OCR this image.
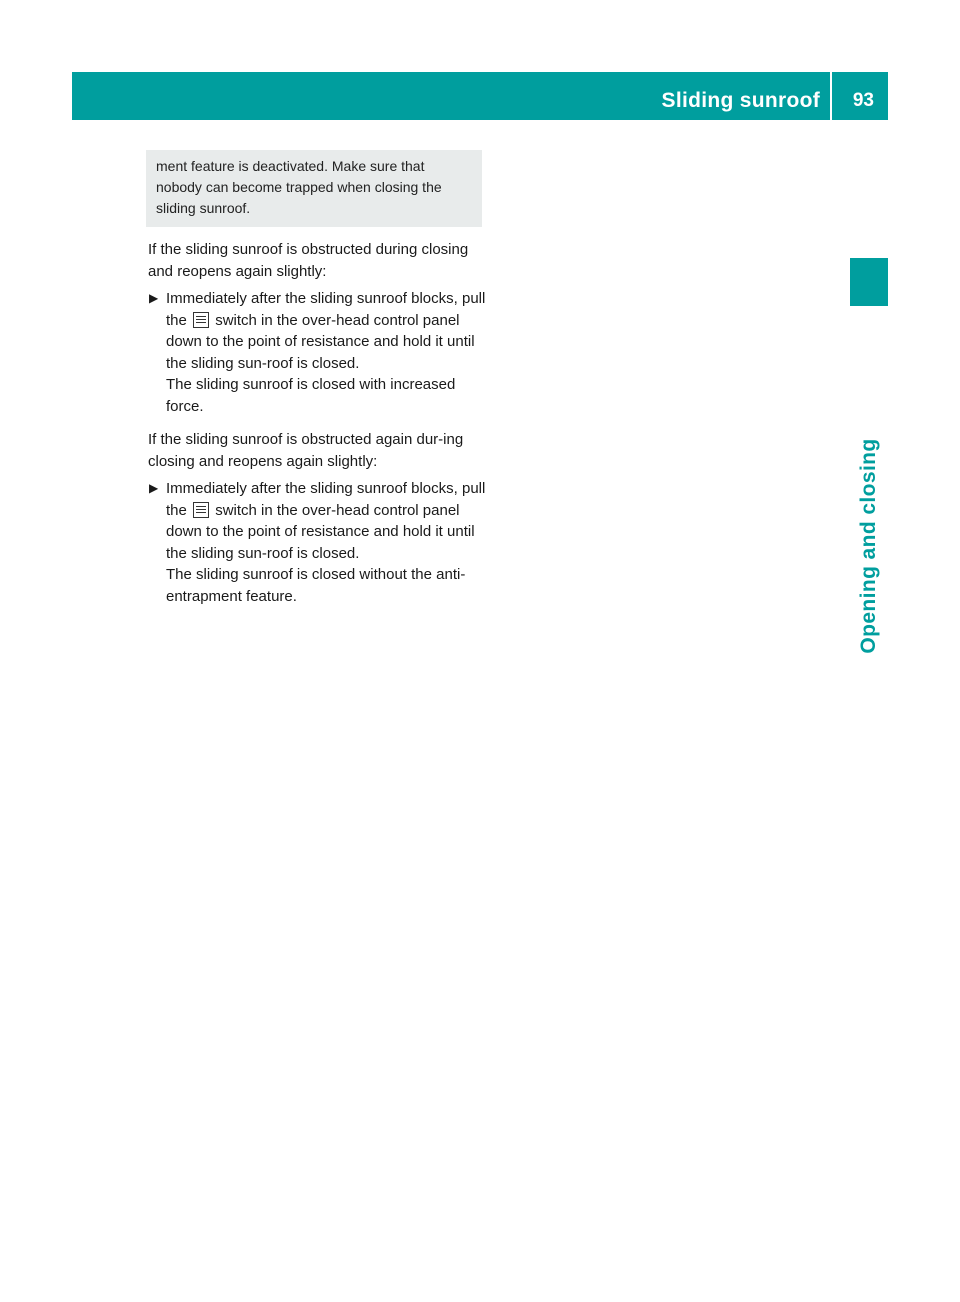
Sliding sunroof 93
Opening and closing
ment feature is deactivated. Make sure that
nobody can become trapped when closing the
sliding sunroof.
If the sliding sunroof is obstructed during closing and reopens again slightly:
▶ Immediately after the sliding sunroof blocks, pull the switch in the over-head control panel down to the point of resistance and hold it until the sliding sun-roof is closed.
The sliding sunroof is closed with increased force.
If the sliding sunroof is obstructed again dur-ing closing and reopens again slightly:
▶ Immediately after the sliding sunroof blocks, pull the switch in the over-head control panel down to the point of resistance and hold it until the sliding sun-roof is closed.
The sliding sunroof is closed without the anti-entrapment feature.
